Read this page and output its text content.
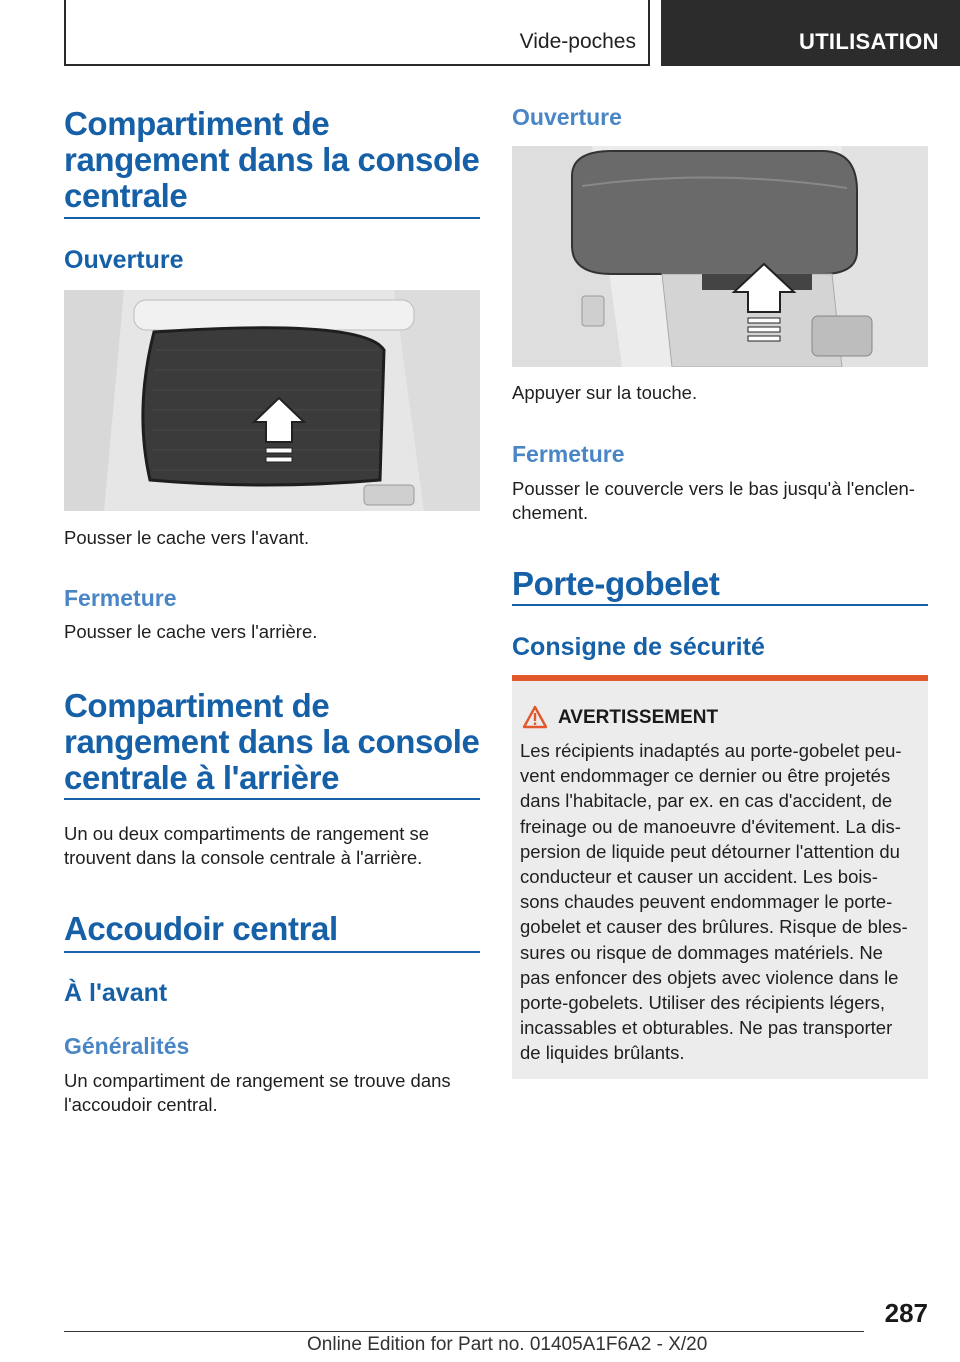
Vide-poches	UTILISATION
Compartiment de
rangement dans la console
centrale
Ouverture
Pousser le cache vers l'avant.
Fermeture
Pousser le cache vers l'arrière.
Compartiment de
rangement dans la console
centrale à l'arrière
Un ou deux compartiments de rangement se
trouvent dans la console centrale à l'arrière.
Accoudoir central
À l'avant
Généralités
Un compartiment de rangement se trouve dans
l'accoudoir central.
Ouverture
Appuyer sur la touche.
Fermeture
Pousser le couvercle vers le bas jusqu'à l'enclen-
chement.
Porte-gobelet
Consigne de sécurité
AVERTISSEMENT
Les récipients inadaptés au porte-gobelet peu-
vent endommager ce dernier ou être projetés
dans l'habitacle, par ex. en cas d'accident, de
freinage ou de manoeuvre d'évitement. La dis-
persion de liquide peut détourner l'attention du
conducteur et causer un accident. Les bois-
sons chaudes peuvent endommager le porte-
gobelet et causer des brûlures. Risque de bles-
sures ou risque de dommages matériels. Ne
pas enfoncer des objets avec violence dans le
porte-gobelets. Utiliser des récipients légers,
incassables et obturables. Ne pas transporter
de liquides brûlants.
287
Online Edition for Part no. 01405A1F6A2 - X/20
